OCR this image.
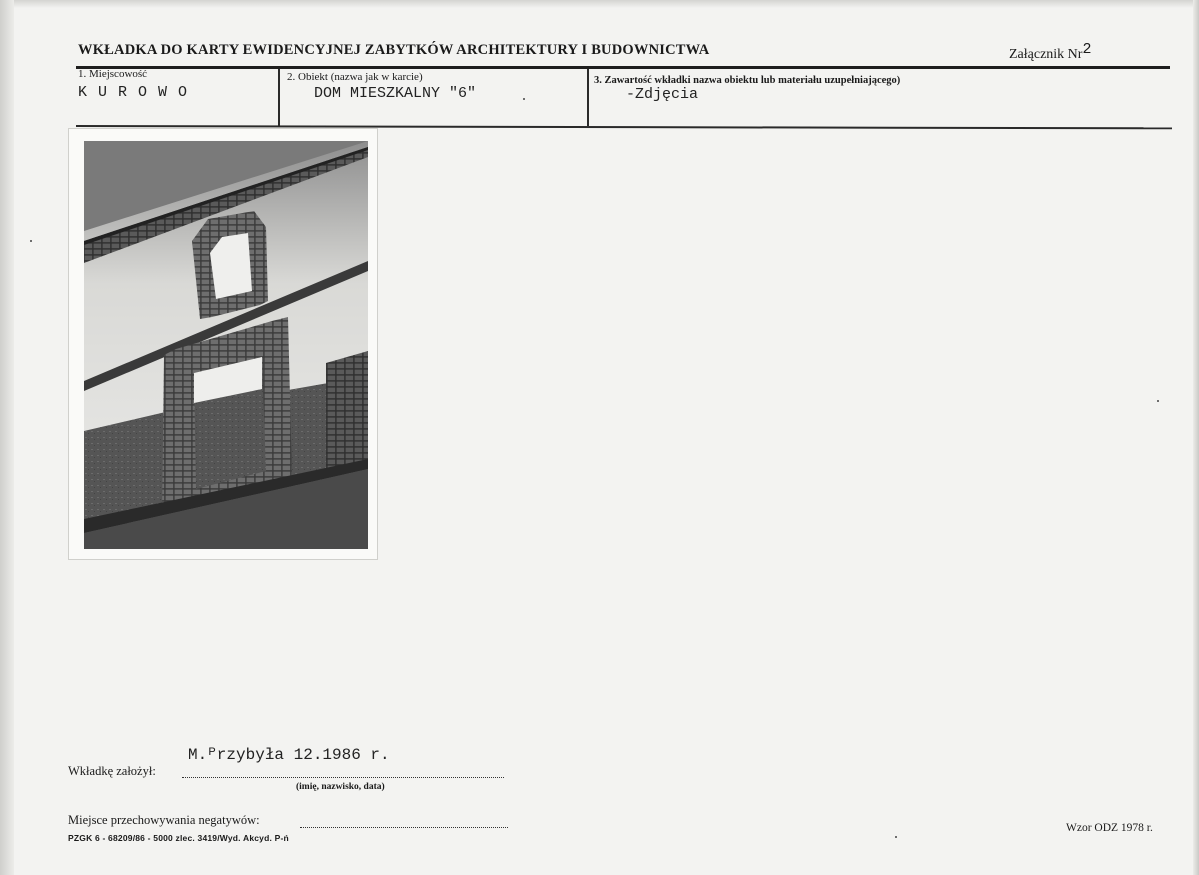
WKŁADKA DO KARTY EWIDENCYJNEJ ZABYTKÓW ARCHITEKTURY I BUDOWNICTWA	Załącznik Nr2
1. Miejscowość
K U R O W O
2. Obiekt (nazwa jak w karcie)
DOM MIESZKALNY "6"
3. Zawartość wkładki nazwa obiektu lub materiału uzupełniającego)
-Zdjęcia
Wkładkę założył:
M.ᴾrzybyła 12.1986 r.
(imię, nazwisko, data)
Miejsce przechowywania negatywów:
PZGK 6 - 68209/86 - 5000 zlec. 3419/Wyd. Akcyd. P-ń
Wzor ODZ 1978 r.
